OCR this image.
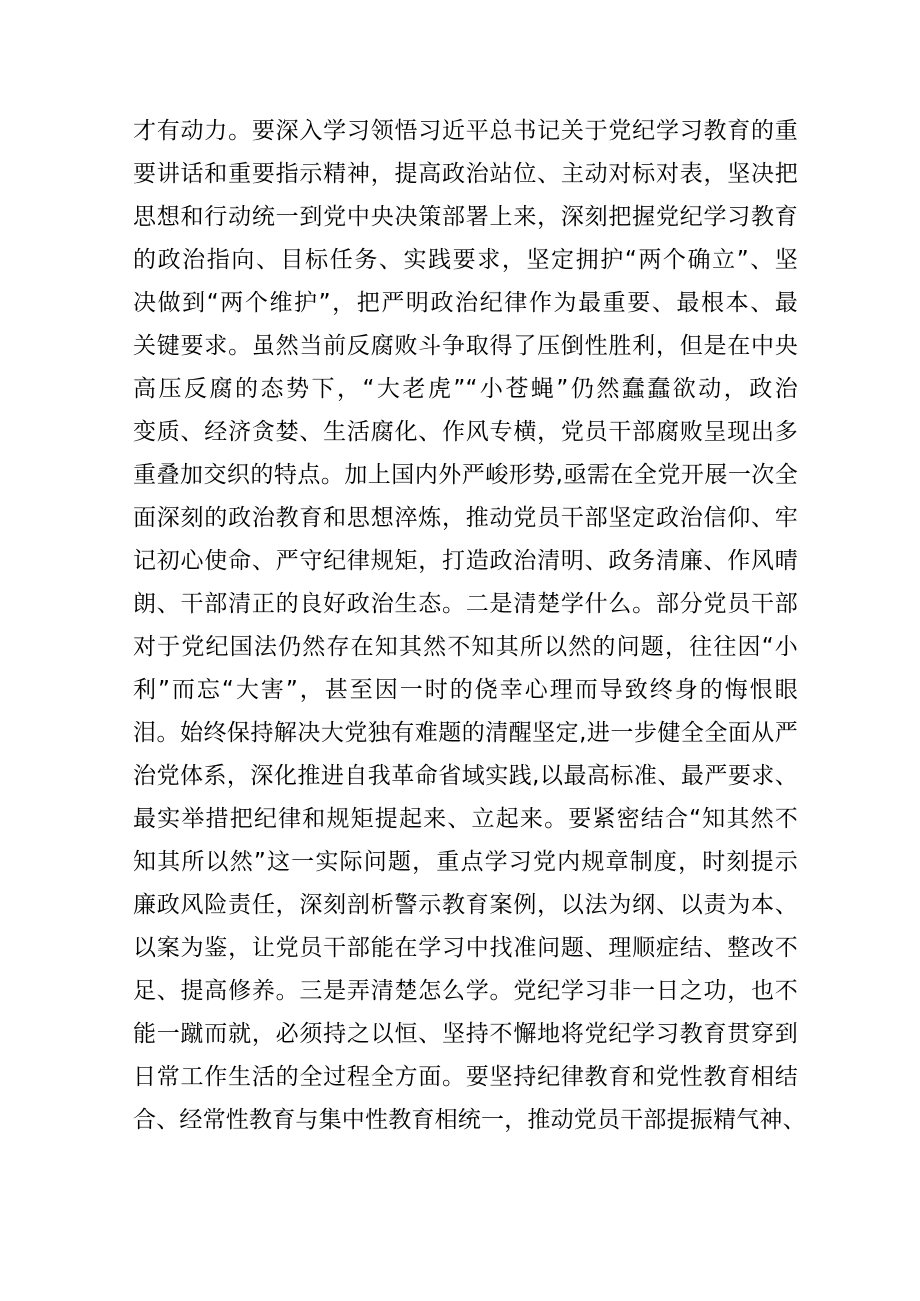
才有动力。要深入学习领悟习近平总书记关于党纪学习教育的重
要讲话和重要指示精神，提高政治站位、主动对标对表，坚决把
思想和行动统一到党中央决策部署上来，深刻把握党纪学习教育
的政治指向、目标任务、实践要求，坚定拥护“两个确立”、坚
决做到“两个维护”，把严明政治纪律作为最重要、最根本、最
关键要求。虽然当前反腐败斗争取得了压倒性胜利，但是在中央
高压反腐的态势下，“大老虎”“小苍蝇”仍然蠢蠢欲动，政治
变质、经济贪婪、生活腐化、作风专横，党员干部腐败呈现出多
重叠加交织的特点。加上国内外严峻形势,亟需在全党开展一次全
面深刻的政治教育和思想淬炼，推动党员干部坚定政治信仰、牢
记初心使命、严守纪律规矩，打造政治清明、政务清廉、作风晴
朗、干部清正的良好政治生态。二是清楚学什么。部分党员干部
对于党纪国法仍然存在知其然不知其所以然的问题，往往因“小
利”而忘“大害”，甚至因一时的侥幸心理而导致终身的悔恨眼
泪。始终保持解决大党独有难题的清醒坚定,进一步健全全面从严
治党体系，深化推进自我革命省域实践,以最高标准、最严要求、
最实举措把纪律和规矩提起来、立起来。要紧密结合“知其然不
知其所以然”这一实际问题，重点学习党内规章制度，时刻提示
廉政风险责任，深刻剖析警示教育案例，以法为纲、以责为本、
以案为鉴，让党员干部能在学习中找准问题、理顺症结、整改不
足、提高修养。三是弄清楚怎么学。党纪学习非一日之功，也不
能一蹴而就，必须持之以恒、坚持不懈地将党纪学习教育贯穿到
日常工作生活的全过程全方面。要坚持纪律教育和党性教育相结
合、经常性教育与集中性教育相统一，推动党员干部提振精气神、
